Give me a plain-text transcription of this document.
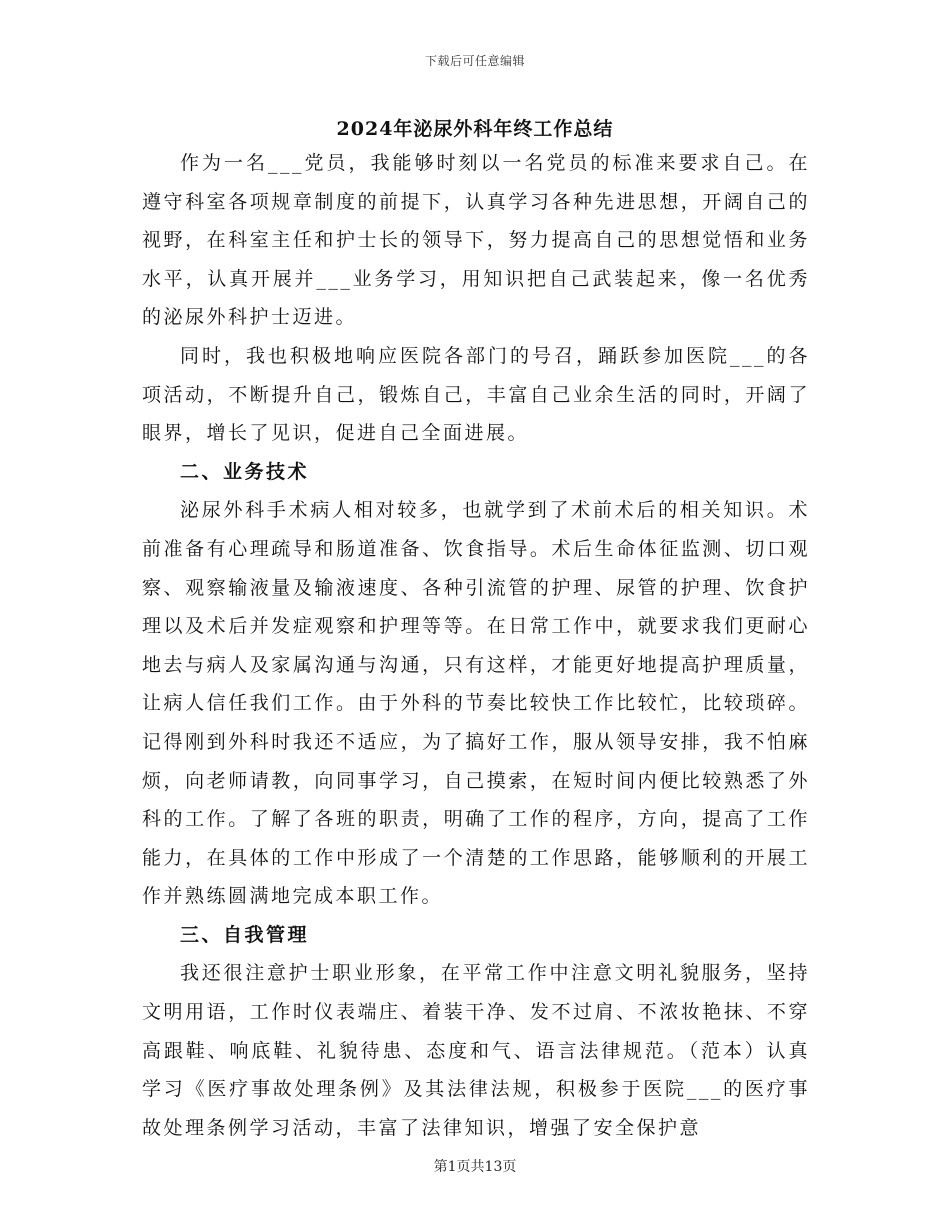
下载后可任意编辑
2024年泌尿外科年终工作总结

作为一名___党员，我能够时刻以一名党员的标准来要求自己。在遵守科室各项规章制度的前提下，认真学习各种先进思想，开阔自己的视野，在科室主任和护士长的领导下，努力提高自己的思想觉悟和业务水平，认真开展并___业务学习，用知识把自己武装起来，像一名优秀的泌尿外科护士迈进。

同时，我也积极地响应医院各部门的号召，踊跃参加医院___的各项活动，不断提升自己，锻炼自己，丰富自己业余生活的同时，开阔了眼界，增长了见识，促进自己全面进展。

二、业务技术

泌尿外科手术病人相对较多，也就学到了术前术后的相关知识。术前准备有心理疏导和肠道准备、饮食指导。术后生命体征监测、切口观察、观察输液量及输液速度、各种引流管的护理、尿管的护理、饮食护理以及术后并发症观察和护理等等。在日常工作中，就要求我们更耐心地去与病人及家属沟通与沟通，只有这样，才能更好地提高护理质量，让病人信任我们工作。由于外科的节奏比较快工作比较忙，比较琐碎。记得刚到外科时我还不适应，为了搞好工作，服从领导安排，我不怕麻烦，向老师请教，向同事学习，自己摸索，在短时间内便比较熟悉了外科的工作。了解了各班的职责，明确了工作的程序，方向，提高了工作能力，在具体的工作中形成了一个清楚的工作思路，能够顺利的开展工作并熟练圆满地完成本职工作。

三、自我管理

我还很注意护士职业形象，在平常工作中注意文明礼貌服务，坚持文明用语，工作时仪表端庄、着装干净、发不过肩、不浓妆艳抹、不穿高跟鞋、响底鞋、礼貌待患、态度和气、语言法律规范。（范本）认真学习《医疗事故处理条例》及其法律法规，积极参于医院___的医疗事故处理条例学习活动，丰富了法律知识，增强了安全保护意

第1页共13页
